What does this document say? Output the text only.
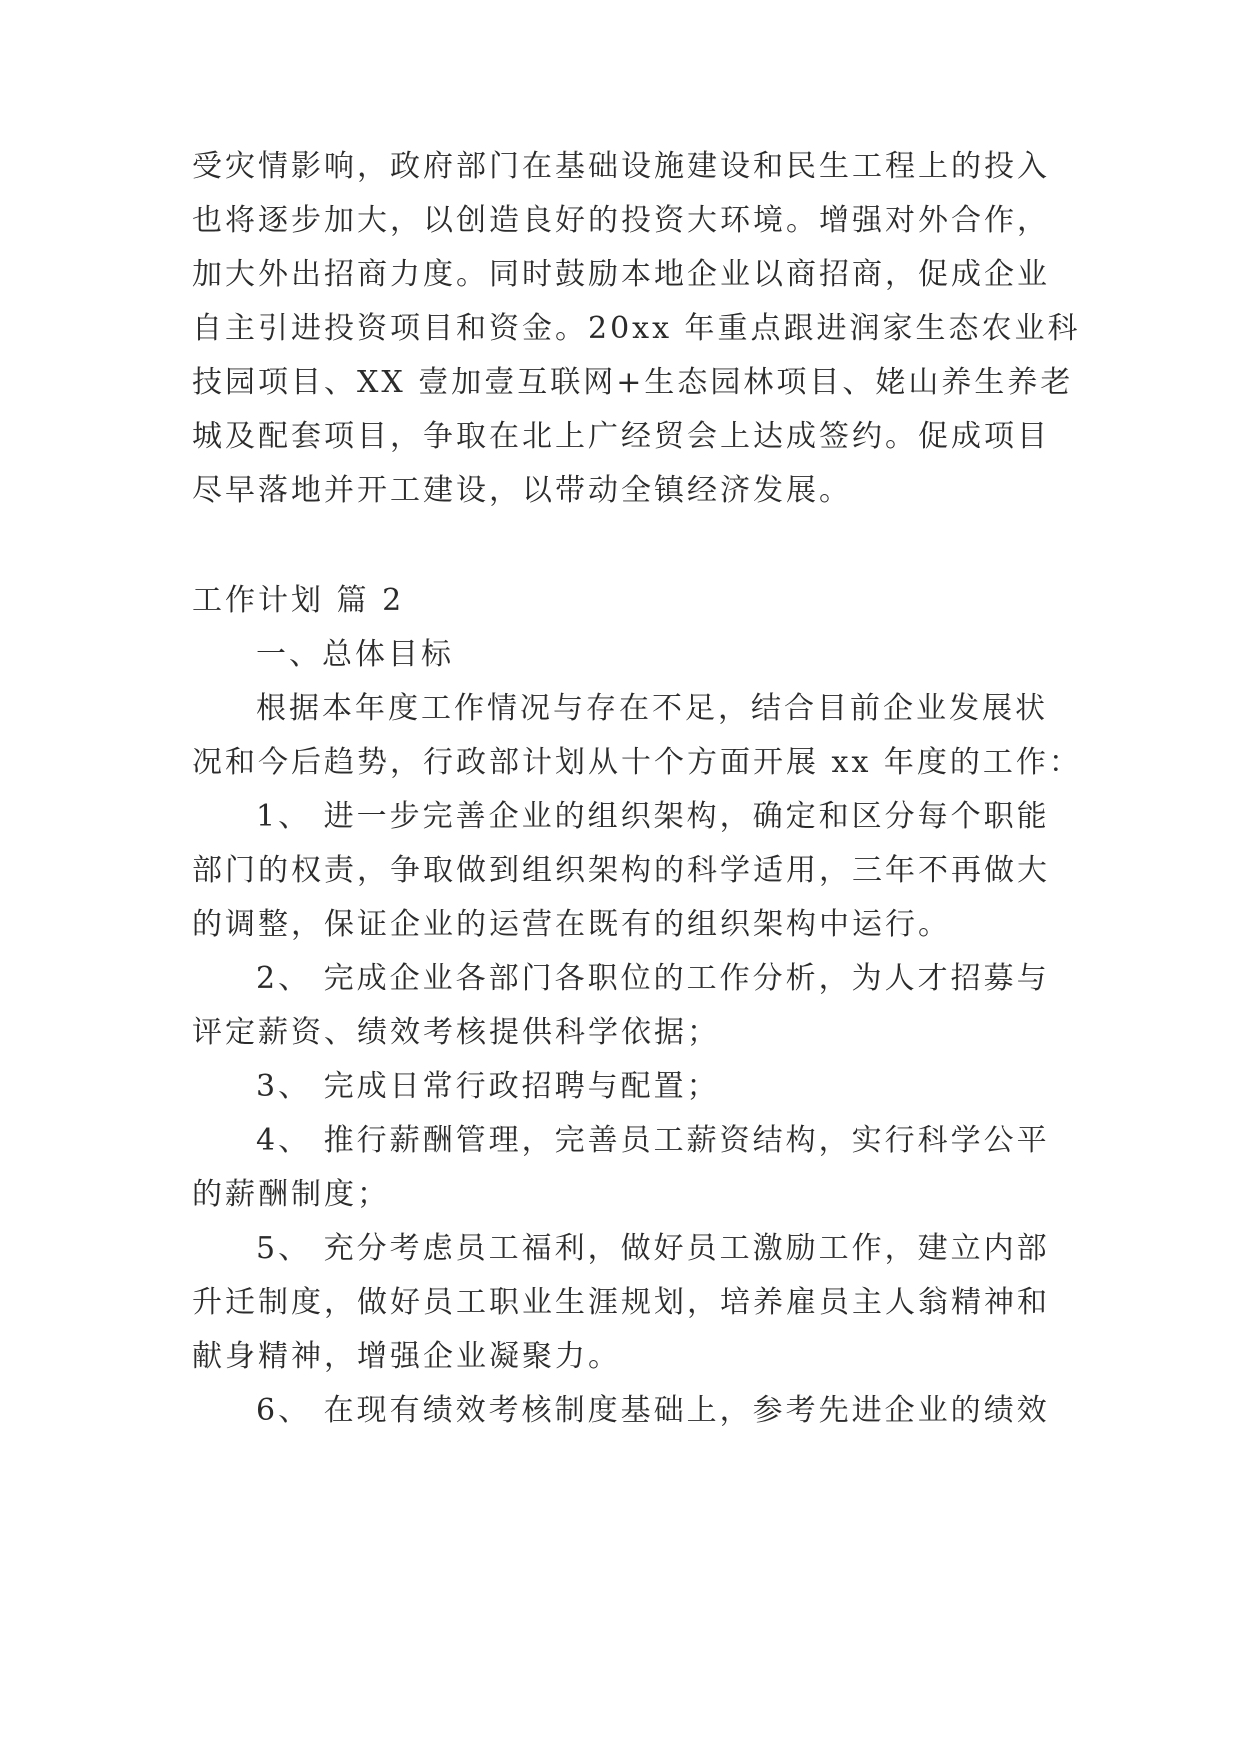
受灾情影响，政府部门在基础设施建设和民生工程上的投入
也将逐步加大，以创造良好的投资大环境。增强对外合作，
加大外出招商力度。同时鼓励本地企业以商招商，促成企业
自主引进投资项目和资金。20xx 年重点跟进润家生态农业科
技园项目、XX 壹加壹互联网+生态园林项目、姥山养生养老
城及配套项目，争取在北上广经贸会上达成签约。促成项目
尽早落地并开工建设，以带动全镇经济发展。
工作计划 篇 2
一、总体目标
根据本年度工作情况与存在不足，结合目前企业发展状
况和今后趋势，行政部计划从十个方面开展 xx 年度的工作：
1、 进一步完善企业的组织架构，确定和区分每个职能
部门的权责，争取做到组织架构的科学适用，三年不再做大
的调整，保证企业的运营在既有的组织架构中运行。
2、 完成企业各部门各职位的工作分析，为人才招募与
评定薪资、绩效考核提供科学依据；
3、 完成日常行政招聘与配置；
4、 推行薪酬管理，完善员工薪资结构，实行科学公平
的薪酬制度；
5、 充分考虑员工福利，做好员工激励工作，建立内部
升迁制度，做好员工职业生涯规划，培养雇员主人翁精神和
献身精神，增强企业凝聚力。
6、 在现有绩效考核制度基础上，参考先进企业的绩效
